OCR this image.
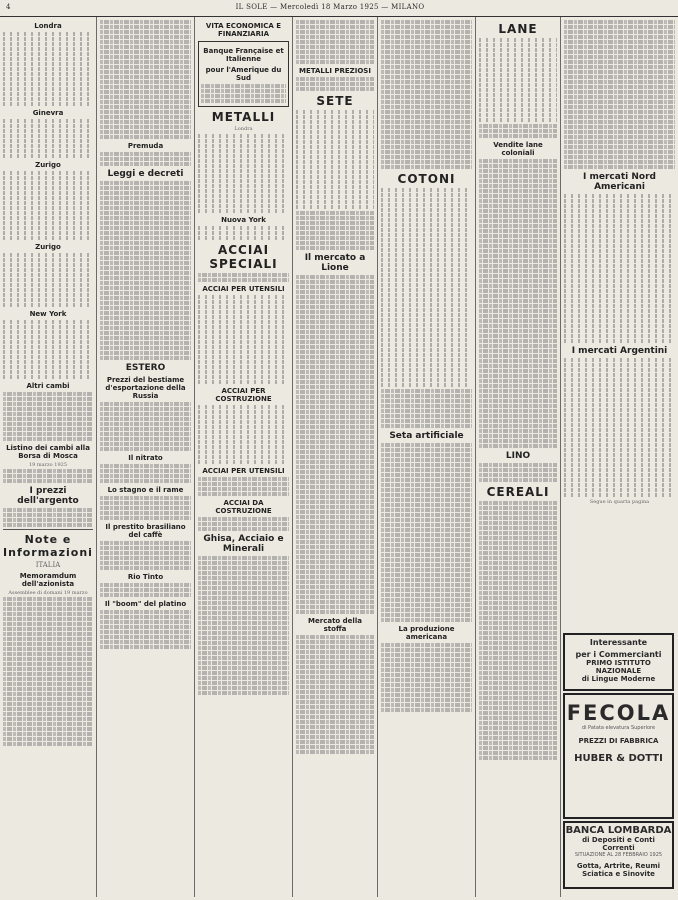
4	IL SOLE — Mercoledì 18 Marzo 1925 — MILANO
Londra
Ginevra
Zurigo
Zurigo
New York
Altri cambi
Listino dei cambi alla Borsa di Mosca
19 marzo 1925
I prezzi dell'argento
Note e Informazioni
ITALIA
Memoramdum dell'azionista
Assemblee di domani 19 marzo
Premuda
Leggi e decreti
ESTERO
Prezzi del bestiame d'esportazione della Russia
Il nitrato
Lo stagno e il rame
Il prestito brasiliano del caffè
Rio Tinto
Il "boom" del platino
VITA ECONOMICA E FINANZIARIA
Banque Française et Italienne
pour l'Amerique du Sud
METALLI
Londra
Nuova York
ACCIAI SPECIALI
ACCIAI PER UTENSILI
ACCIAI PER COSTRUZIONE
ACCIAI PER UTENSILI
ACCIAI DA COSTRUZIONE
Ghisa, Acciaio e Minerali
METALLI PREZIOSI
SETE
Il mercato a Lione
Mercato della stoffa
COTONI
Seta artificiale
La produzione americana
LANE
Vendite lane coloniali
LINO
CEREALI
I mercati Nord Americani
I mercati Argentini
Segue in quarta pagina
Interessante
per i Commercianti
PRIMO ISTITUTO NAZIONALE
di Lingue Moderne
FECOLA
di Patata elevatura Superiore

PREZZI DI FABBRICA

HUBER & DOTTI
BANCA LOMBARDA
di Depositi e Conti Correnti
SITUAZIONE AL 28 FEBBRAIO 1925
Gotta, Artrite, Reumi
Sciatica e Sinovite
